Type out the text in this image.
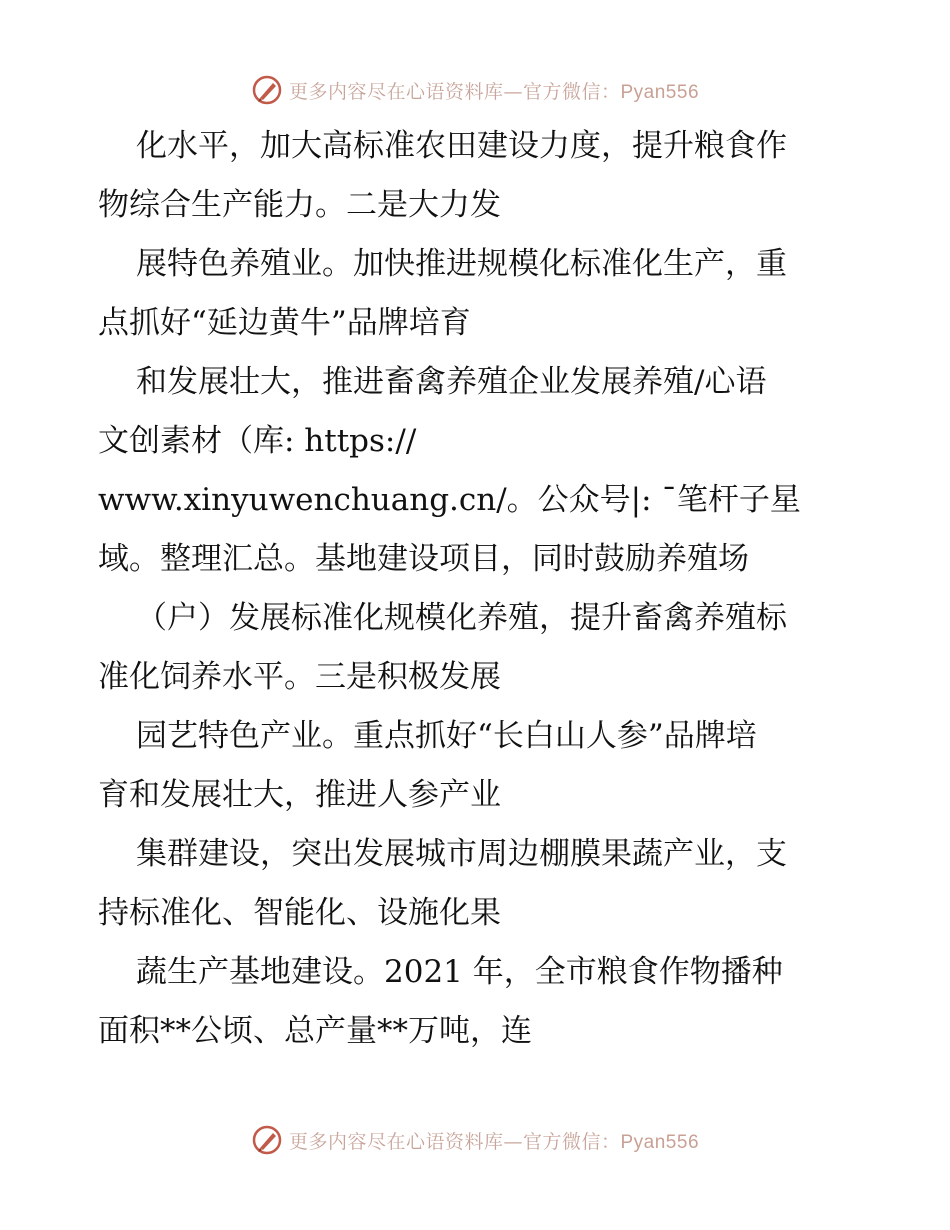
更多内容尽在心语资料库—官方微信：Pyan556
化水平，加大高标准农田建设力度，提升粮食作
物综合生产能力。二是大力发
展特色养殖业。加快推进规模化标准化生产，重
点抓好“延边黄牛”品牌培育
和发展壮大，推进畜禽养殖企业发展养殖/心语
文创素材（库: https://
www.xinyuwenchuang.cn/。公众号|: ¯笔杆子星
域。整理汇总。基地建设项目，同时鼓励养殖场
（户）发展标准化规模化养殖，提升畜禽养殖标
准化饲养水平。三是积极发展
园艺特色产业。重点抓好“长白山人参”品牌培
育和发展壮大，推进人参产业
集群建设，突出发展城市周边棚膜果蔬产业，支
持标准化、智能化、设施化果
蔬生产基地建设。2021 年，全市粮食作物播种
面积**公顷、总产量**万吨，连
更多内容尽在心语资料库—官方微信：Pyan556
